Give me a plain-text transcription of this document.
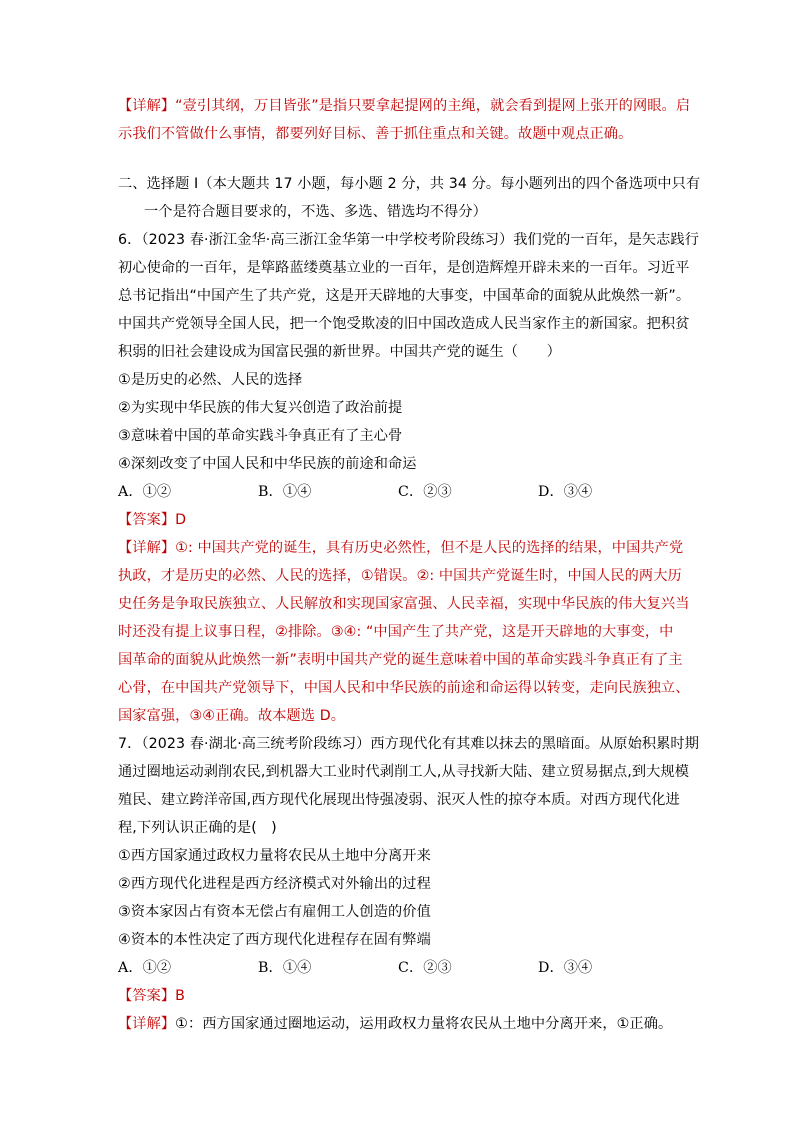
【详解】“壹引其纲，万目皆张”是指只要拿起提网的主绳，就会看到提网上张开的网眼。启
示我们不管做什么事情，都要列好目标、善于抓住重点和关键。故题中观点正确。
二、选择题 I（本大题共 17 小题，每小题 2 分，共 34 分。每小题列出的四个备选项中只有
一个是符合题目要求的，不选、多选、错选均不得分）
6．（2023 春·浙江金华·高三浙江金华第一中学校考阶段练习）我们党的一百年，是矢志践行
初心使命的一百年，是筚路蓝缕奠基立业的一百年，是创造辉煌开辟未来的一百年。习近平
总书记指出“中国产生了共产党，这是开天辟地的大事变，中国革命的面貌从此焕然一新”。
中国共产党领导全国人民，把一个饱受欺凌的旧中国改造成人民当家作主的新国家。把积贫
积弱的旧社会建设成为国富民强的新世界。中国共产党的诞生（　　）
①是历史的必然、人民的选择
②为实现中华民族的伟大复兴创造了政治前提
③意味着中国的革命实践斗争真正有了主心骨
④深刻改变了中国人民和中华民族的前途和命运
A．①②	B．①④	C．②③	D．③④
【答案】D
【详解】①: 中国共产党的诞生，具有历史必然性，但不是人民的选择的结果，中国共产党
执政，才是历史的必然、人民的选择，①错误。②: 中国共产党诞生时，中国人民的两大历
史任务是争取民族独立、人民解放和实现国家富强、人民幸福，实现中华民族的伟大复兴当
时还没有提上议事日程，②排除。③④: “中国产生了共产党，这是开天辟地的大事变，中
国革命的面貌从此焕然一新”表明中国共产党的诞生意味着中国的革命实践斗争真正有了主
心骨，在中国共产党领导下，中国人民和中华民族的前途和命运得以转变，走向民族独立、
国家富强，③④正确。故本题选 D。
7．（2023 春·湖北·高三统考阶段练习）西方现代化有其难以抹去的黑暗面。从原始积累时期
通过圈地运动剥削农民,到机器大工业时代剥削工人,从寻找新大陆、建立贸易据点,到大规模
殖民、建立跨洋帝国,西方现代化展现出恃强凌弱、泯灭人性的掠夺本质。对西方现代化进
程,下列认识正确的是(　)
①西方国家通过政权力量将农民从土地中分离开来
②西方现代化进程是西方经济模式对外输出的过程
③资本家因占有资本无偿占有雇佣工人创造的价值
④资本的本性决定了西方现代化进程存在固有弊端
A．①②	B．①④	C．②③	D．③④
【答案】B
【详解】①：西方国家通过圈地运动，运用政权力量将农民从土地中分离开来，①正确。
